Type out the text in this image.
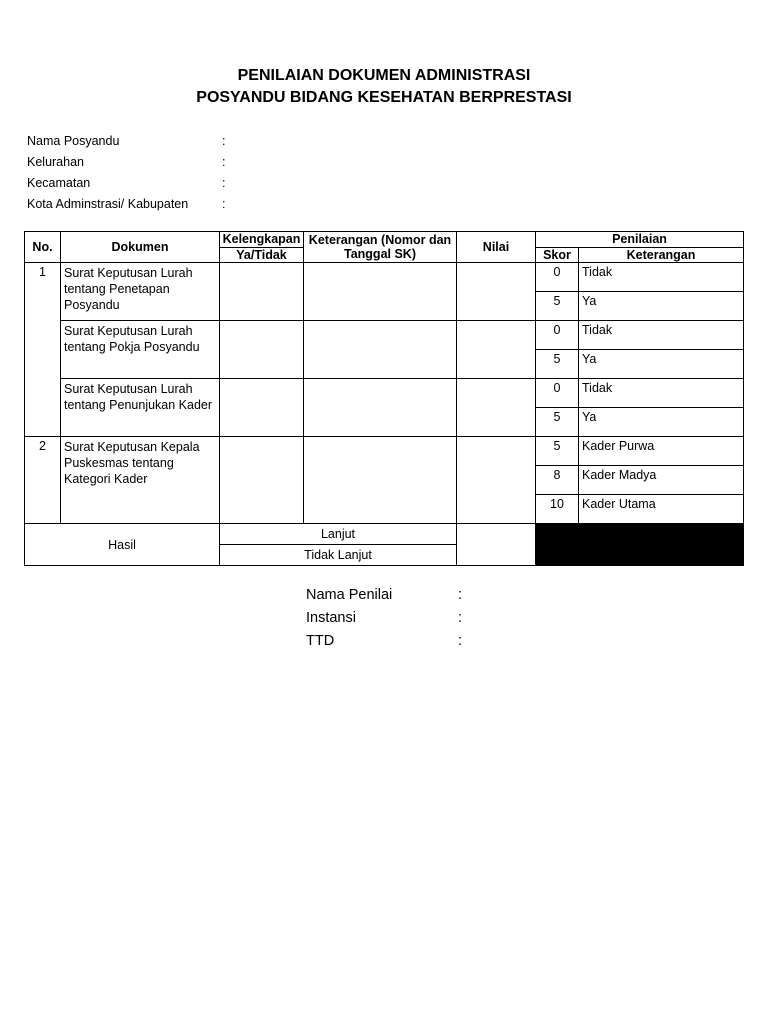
PENILAIAN DOKUMEN ADMINISTRASI
POSYANDU BIDANG KESEHATAN BERPRESTASI
Nama Posyandu	:
Kelurahan	:
Kecamatan	:
Kota Adminstrasi/ Kabupaten	:
No.	Dokumen	Kelengkapan	Keterangan (Nomor dan Tanggal SK)	Nilai	Penilaian	
		Ya/Tidak			Skor	Keterangan
1	Surat Keputusan Lurah tentang Penetapan Posyandu				0	Tidak
					5	Ya
	Surat Keputusan Lurah tentang Pokja Posyandu				0	Tidak
					5	Ya
	Surat Keputusan Lurah tentang Penunjukan Kader				0	Tidak
					5	Ya
2	Surat Keputusan Kepala Puskesmas tentang Kategori Kader				5	Kader Purwa
					8	Kader Madya
					10	Kader Utama
Hasil		Lanjut				
		Tidak Lanjut				
Nama Penilai	:
Instansi	:
TTD	:
